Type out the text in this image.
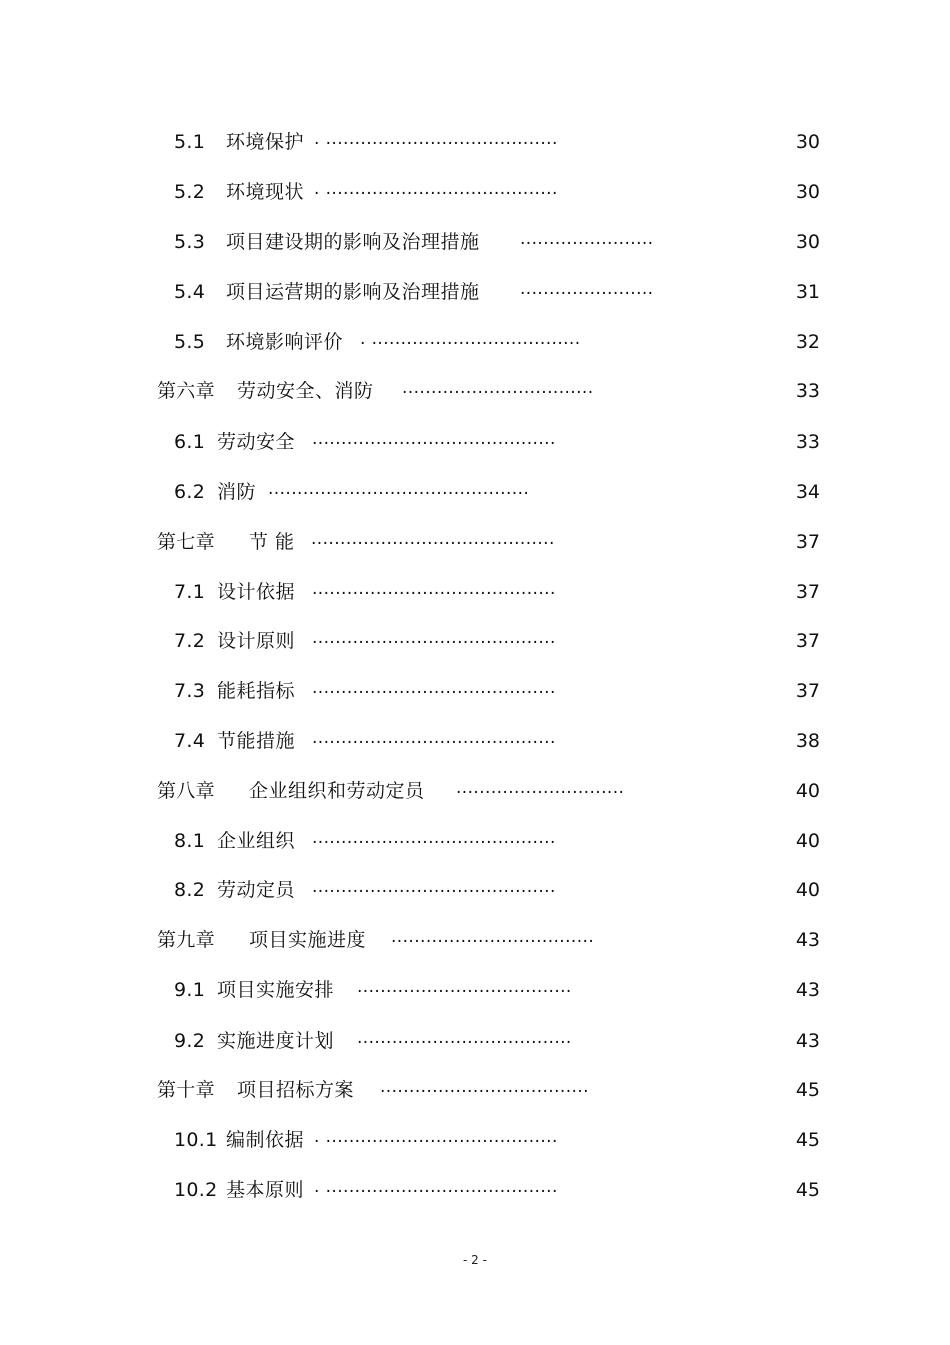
5.1 环境保护 . ........................................	30
5.2 环境现状 . ........................................	30
5.3 项目建设期的影响及治理措施 .......................	30
5.4 项目运营期的影响及治理措施 .......................	31
5.5 环境影响评价 . ....................................	32
第六章 劳动安全、消防 .................................	33
6.1 劳动安全 ..........................................	33
6.2 消防 .............................................	34
第七章 节 能 ..........................................	37
7.1 设计依据 ..........................................	37
7.2 设计原则 ..........................................	37
7.3 能耗指标 ..........................................	37
7.4 节能措施 ..........................................	38
第八章 企业组织和劳动定员 .............................	40
8.1 企业组织 ..........................................	40
8.2 劳动定员 ..........................................	40
第九章 项目实施进度 ...................................	43
9.1 项目实施安排 .....................................	43
9.2 实施进度计划 .....................................	43
第十章 项目招标方案 ....................................	45
10.1 编制依据 . ........................................	45
10.2 基本原则 . ........................................	45
- 2 -
